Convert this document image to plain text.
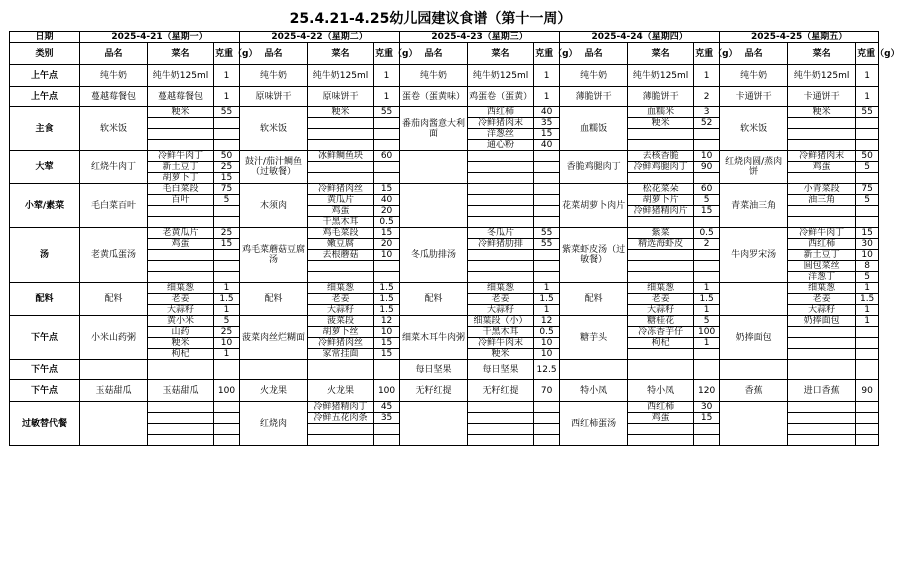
25.4.21-4.25幼儿园建议食谱（第十一周）
日期	2025-4-21（星期一）			2025-4-22（星期二）			2025-4-23（星期三）			2025-4-24（星期四）			2025-4-25（星期五）		
类别	品名	菜名	克重（g）	品名	菜名	克重（g）	品名	菜名	克重（g）	品名	菜名	克重（g）	品名	菜名	克重（g）
上午点	纯牛奶	纯牛奶125ml	1	纯牛奶	纯牛奶125ml	1	纯牛奶	纯牛奶125ml	1	纯牛奶	纯牛奶125ml	1	纯牛奶	纯牛奶125ml	1
上午点	蔓越莓餐包	蔓越莓餐包	1	原味饼干	原味饼干	1	蛋卷（蛋黄味）	鸡蛋卷（蛋黄）	1	薄脆饼干	薄脆饼干	2	卡通饼干	卡通饼干	1
主食	软米饭	粳米	55	软米饭	粳米	55	番茄肉酱意大利面	西红柿	40	血糯饭	血糯米	3	软米饭	粳米	55
								冷鲜猪肉末	35		粳米	52			
								洋葱丝	15						
								通心粉	40						
大荤	红烧牛肉丁	冷鲜牛肉丁	50	鼓汁/茄汁鲷鱼（过敏餐）	冰鲜鲷鱼块	60				香脆鸡腿肉丁	去核香脆	10	红烧肉圆/蒸肉饼	冷鲜猪肉末	50
		新土豆丁	25								冷鲜鸡腿肉丁	90		鸡蛋	5
		胡萝卜丁	15												
小荤/素菜	毛白菜百叶	毛白菜段	75	木须肉	冷鲜猪肉丝	15				花菜胡萝卜肉片	松花菜朵	60	青菜油三角	小青菜段	75
		百叶	5		黄瓜片	40					胡萝卜片	5		油三角	5
					鸡蛋	20					冷鲜猪精肉片	15			
					干黑木耳	0.5									
汤	老黄瓜蛋汤	老黄瓜片	25	鸡毛菜蘑菇豆腐汤	鸡毛菜段	15	冬瓜肋排汤	冬瓜片	55	紫菜虾皮汤（过敏餐）	紫菜	0.5	牛肉罗宋汤	冷鲜牛肉丁	15
		鸡蛋	15		嫩豆腐	20		冷鲜猪肋排	55		精选海虾皮	2		西红柿	30
					去根蘑菇	10								新土豆丁	10
														圆包菜丝	8
														洋葱丁	5
配料	配料	细葉葱	1	配料	细葉葱	1.5	配料	细葉葱	1	配料	细葉葱	1		细葉葱	1
		老姜	1.5		老姜	1.5		老姜	1.5		老姜	1.5		老姜	1.5
		大蒜籽	1		大蒜籽	1.5		大蒜籽	1		大蒜籽	1		大蒜籽	1
下午点	小米山药粥	黄小米	5	菠菜肉丝烂糊面	菠菜段	12	细菜木耳牛肉粥	细葉段（小）	12	糖芋头	糖桂花	5	奶捧面包	奶捧面包	1
		山药	25		胡萝卜丝	10		干黑木耳	0.5		冷冻香芋仔	100			
		粳米	10		冷鲜猪肉丝	15		冷鲜牛肉末	10		枸杞	1			
		枸杞	1		家常挂面	15		粳米	10						
下午点							每日坚果	每日坚果	12.5						
下午点	玉菇甜瓜	玉菇甜瓜	100	火龙果	火龙果	100	无籽红提	无籽红提	70	特小凤	特小凤	120	香蕉	进口香蕉	90
过敏替代餐				红烧肉	冷鲜猪精肉丁	45				西红柿蛋汤	西红柿	30			
					冷鲜五花肉条	35					鸡蛋	15			
